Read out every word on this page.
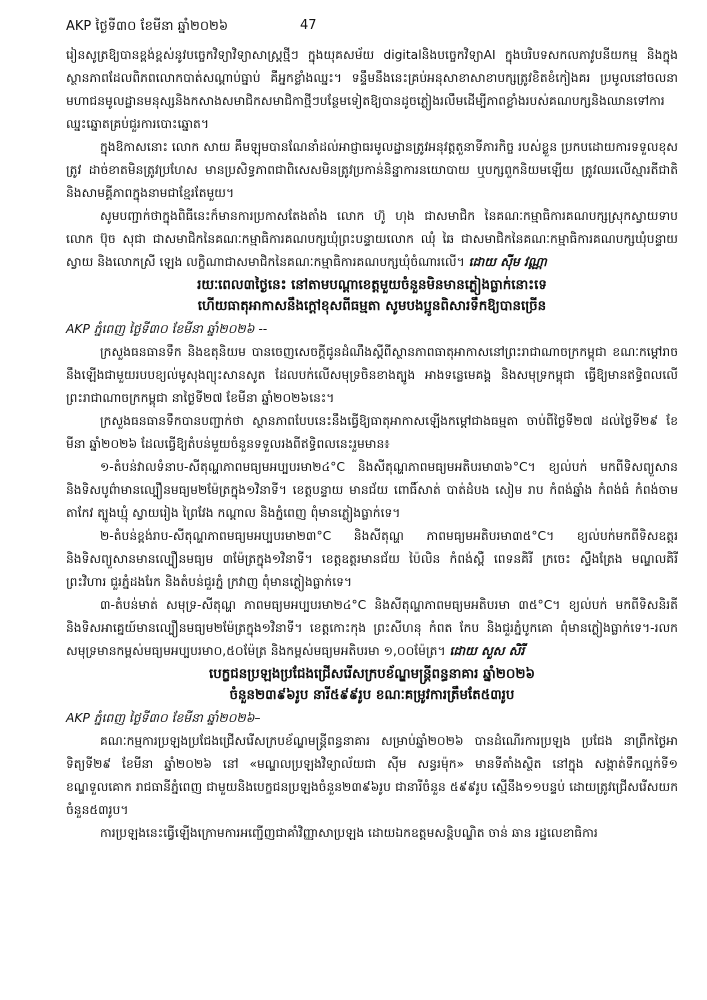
AKP ថ្ងៃទី៣០ ខែមីនា ឆ្នាំ២០២៦	47

រៀនសូត្រឱ្យបានខ្ពង់ខ្ពស់នូវបច្ចេកវិទ្យាវិទ្យាសាស្ត្រថ្មីៗ ក្នុងយុគសម័យ digitalនិងបច្ចេកវិទ្យាAI ក្នុងបរិបទសកលភាវូបនីយកម្ម និងក្នុងស្ថានភាពដែលពិភពលោកបាត់សណ្តាប់ធ្នាប់ គឺអ្នកខ្លាំងឈ្នះ។ ទន្ទឹមនឹងនេះគ្រប់អនុសាខាសាខាបក្សត្រូវខិតខំកៀងគរ ប្រមូលនៅចលនាមហាជនមូលដ្ឋានមនុស្សនិងកសាងសមាជិកសមាជិកាថ្មីៗបន្ថែមទៀតឱ្យបានដូចភ្លៀងរលឹមដើម្បីភាពខ្លាំងរបស់គណបក្សនិងឈានទៅការឈ្នះឆ្នោតគ្រប់ជួរការបោះឆ្នោត។

ក្នុងឱកាសនោះ លោក សាយ គឹមឡុមបានណែនាំដល់អាជ្ញាធរមូលដ្ឋានត្រូវអនុវត្តតួនាទីភារកិច្ច របស់ខ្លួន ប្រកបដោយការទទួលខុសត្រូវ ដាច់ខាតមិនត្រូវប្រហែស មានប្រសិទ្ធភាពជាពិសេសមិនត្រូវប្រកាន់និន្នាការនយោបាយ ឬបក្សពួកនិយមឡើយ ត្រូវឈរលើស្មារតីជាតិនិងសាមគ្គីភាពក្នុងនាមជាខ្មែរតែមួយ។

សូមបញ្ជាក់ថាក្នុងពិធីនេះក៏មានការប្រកាសតែងតាំង លោក ហ៊ូ ហុង ជាសមាជិក នៃគណៈកម្មាធិការគណបក្សស្រុកស្វាយទាប លោក ប៊ុច សុជា ជាសមាជិកនៃគណៈកម្មាធិការគណបក្សឃុំព្រះបន្ទាយលោក ឈុំ ឆៃ ជាសមាជិកនៃគណៈកម្មាធិការគណបក្សឃុំបន្ទាយស្វាយ និងលោកស្រី ឡេង លក្ខិណាជាសមាជិកនៃគណៈកម្មាធិការគណបក្សឃុំចំណារលើ។ ដោយ ស៊ីម វណ្ណា

រយៈពេល៣ថ្ងៃនេះ នៅតាមបណ្តាខេត្តមួយចំនួនមិនមានភ្លៀងធ្លាក់នោះទេ
ហើយធាតុអាកាសនឹងក្តៅខុសពីធម្មតា សូមបងប្អូនពិសារទឹកឱ្យបានច្រើន
AKP ភ្នំពេញ ថ្ងៃទី៣០ ខែមីនា ឆ្នាំ២០២៦ --

ក្រសួងធនធានទឹក និងឧតុនិយម បានចេញសេចក្តីជូនដំណឹងស្តីពីស្ថានភាពធាតុអាកាសនៅព្រះរាជាណាចក្រកម្ពុជា ខណៈកម្តៅរាចនឹងឡើងជាមួយរបបខ្យល់មូសុងព្យុះសានសូត ដែលបក់លើសមុទ្រចិនខាងត្បូង អាងទន្លេមេគង្គ និងសមុទ្រកម្ពុជា ធ្វើឱ្យមានឥទ្ធិពលលើព្រះរាជាណាចក្រកម្ពុជា នាថ្ងៃទី២៧ ខែមីនា ឆ្នាំ២០២៦នេះ។

ក្រសួងធនធានទឹកបានបញ្ជាក់ថា ស្ថានភាពបែបនេះនឹងធ្វើឱ្យធាតុអាកាសឡើងកម្តៅជាងធម្មតា ចាប់ពីថ្ងៃទី២៧ ដល់ថ្ងៃទី២៩ ខែមីនា ឆ្នាំ២០២៦ ដែលធ្វើឱ្យតំបន់មួយចំនួនទទួលរងពីឥទ្ធិពលនេះរួមមាន៖

១-តំបន់វាលទំនាប-សីតុណ្ហភាពមធ្យមអប្បបរមា២៤°C និងសីតុណ្ហភាពមធ្យមអតិបរមា៣៦°C។ ខ្យល់បក់ មកពីទិសព្យួសាន និងទិសបូព៌ាមានល្បឿនមធ្យម២ម៉ែត្រក្នុង១វិនាទី។ ខេត្តបន្ទាយ មានជ័យ ពោធិ៍សាត់ បាត់ដំបង សៀម រាប កំពង់ឆ្នាំង កំពង់ធំ កំពង់ចាម តាកែវ ត្បូងឃ្មុំ ស្វាយរៀង ព្រៃវែង កណ្តាល និងភ្នំពេញ ពុំមានភ្លៀងធ្លាក់ទេ។

២-តំបន់ខ្ពង់រាប-សីតុណ្ហភាពមធ្យមអប្បបរមា២៣°C និងសីតុណ្ហ ភាពមធ្យមអតិបរមា៣៥°C។ ខ្យល់បក់មកពីទិសឧត្តរ និងទិសព្យួសានមានល្បឿនមធ្យម ៣ម៉ែត្រក្នុង១វិនាទី។ ខេត្តឧត្តរមានជ័យ ប៉ៃលិន កំពង់ស្ពឺ ពេទនគិរី ក្រចេះ ស្ទឹងត្រែង មណ្ឌលគិរី ព្រះវិហារ ជួរភ្នំដងរែក និងតំបន់ជួរភ្នំ ក្រវាញ ពុំមានភ្លៀងធ្លាក់ទេ។

៣-តំបន់មាត់ សមុទ្រ-សីតុណ្ហ ភាពមធ្យមអប្បបរមា២៤°C និងសីតុណ្ហភាពមធ្យមអតិបរមា ៣៥°C។ ខ្យល់បក់ មកពីទិសនិរតី និងទិសអាគ្នេយ៍មានល្បឿនមធ្យម២ម៉ែត្រក្នុង១វិនាទី។ ខេត្តកោះកុង ព្រះសីហនុ កំពត កែប និងជួរភ្នំបូកគោ ពុំមានភ្លៀងធ្លាក់ទេ។-រលកសមុទ្រមានកម្ពស់មធ្យមអប្បបរមា០,៥០ម៉ែត្រ និងកម្ពស់មធ្យមអតិបរមា ១,០០ម៉ែត្រ។ ដោយ សួស សិរី

បេក្ខជនប្រឡងប្រជែងជ្រើសរើសក្របខ័ណ្ឌមន្ត្រីពន្ធនាគារ ឆ្នាំ២០២៦
ចំនួន២៣៩៦រូប នារី៥៩៩រូប ខណៈគម្រូវការត្រឹមតែ៥៣រូប
AKP ភ្នំពេញ ថ្ងៃទី៣០ ខែមីនា ឆ្នាំ២០២៦–

គណៈកម្មការប្រឡងប្រជែងជ្រើសរើសក្របខ័ណ្ឌមន្ត្រីពន្ធនាគារ សម្រាប់ឆ្នាំ២០២៦ បានដំណើរការប្រឡង ប្រជែង នាព្រឹកថ្ងៃអាទិត្យទី២៩ ខែមីនា ឆ្នាំ២០២៦ នៅ «មណ្ឌលប្រឡងវិទ្យាល័យជា ស៊ីម សន្ធរម៉ុក» មានទីតាំងស្ថិត នៅក្នុង សង្កាត់ទឹកល្អក់ទី១ ខណ្ឌទួលគោក រាជធានីភ្នំពេញ ជាមួយនិងបេក្ខជនប្រឡងចំនួន២៣៩៦រូប ជានារីចំនួន ៥៩៩រូប ស្មើនឹង១១បន្ទប់ ដោយត្រូវជ្រើសរើសយកចំនួន៥៣រូប។

ការប្រឡងនេះធ្វើឡើងក្រោមការអញ្ជើញជាគាំវិញ្ញាសាប្រឡង ដោយឯកឧត្តមសន្តិបណ្ឌិត ចាន់ ឆាន រដ្ឋលេខាធិការ
